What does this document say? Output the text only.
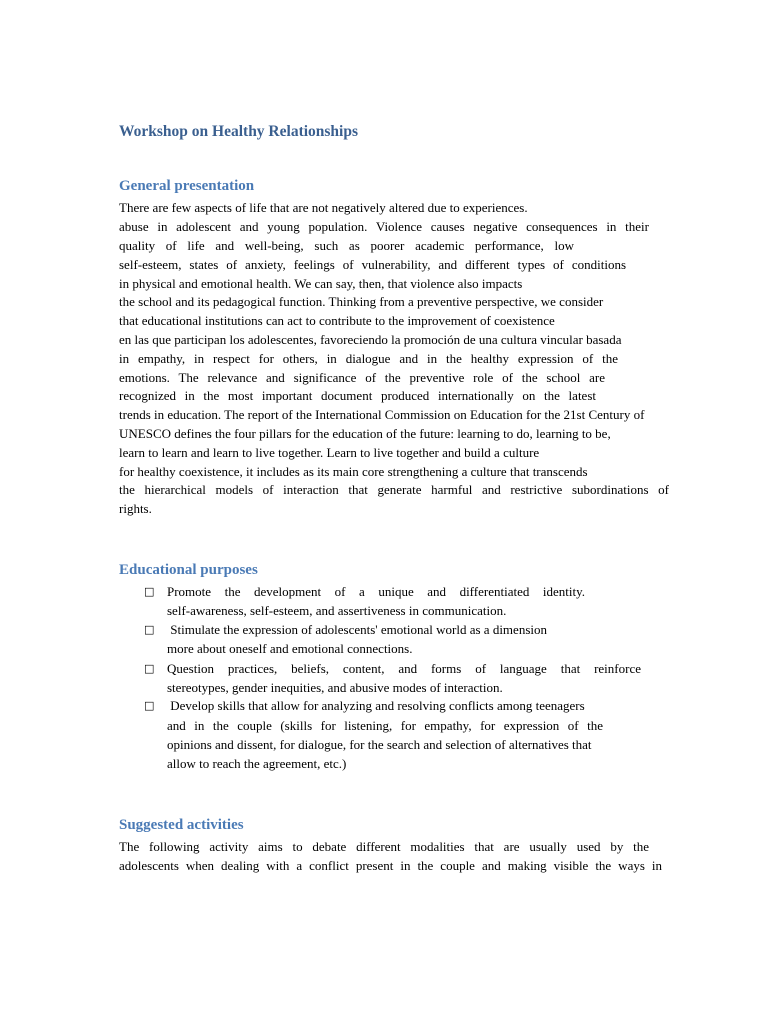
Workshop on Healthy Relationships
General presentation
There are few aspects of life that are not negatively altered due to experiences.
abuse in adolescent and young population. Violence causes negative consequences in their
quality of life and well-being, such as poorer academic performance, low
self-esteem, states of anxiety, feelings of vulnerability, and different types of conditions
in physical and emotional health. We can say, then, that violence also impacts
the school and its pedagogical function. Thinking from a preventive perspective, we consider
that educational institutions can act to contribute to the improvement of coexistence
en las que participan los adolescentes, favoreciendo la promoción de una cultura vincular basada
in empathy, in respect for others, in dialogue and in the healthy expression of the
emotions. The relevance and significance of the preventive role of the school are
recognized in the most important document produced internationally on the latest
trends in education. The report of the International Commission on Education for the 21st Century of
UNESCO defines the four pillars for the education of the future: learning to do, learning to be,
learn to learn and learn to live together. Learn to live together and build a culture
for healthy coexistence, it includes as its main core strengthening a culture that transcends
the hierarchical models of interaction that generate harmful and restrictive subordinations of
rights.
Educational purposes
□ Promote the development of a unique and differentiated identity.
self-awareness, self-esteem, and assertiveness in communication.
□ Stimulate the expression of adolescents' emotional world as a dimension
more about oneself and emotional connections.
□ Question practices, beliefs, content, and forms of language that reinforce
stereotypes, gender inequities, and abusive modes of interaction.
□ Develop skills that allow for analyzing and resolving conflicts among teenagers
and in the couple (skills for listening, for empathy, for expression of the
opinions and dissent, for dialogue, for the search and selection of alternatives that
allow to reach the agreement, etc.)
Suggested activities
The following activity aims to debate different modalities that are usually used by the
adolescents when dealing with a conflict present in the couple and making visible the ways in
